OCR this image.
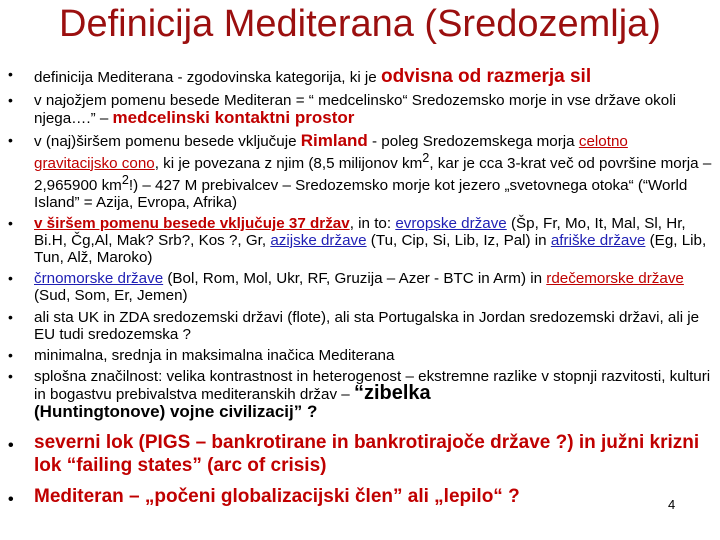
Definicija Mediterana (Sredozemlja)
• definicija Mediterana - zgodovinska kategorija, ki je odvisna od razmerja sil
• v najožjem pomenu besede Mediteran = “ medcelinsko“ Sredozemsko morje in vse države okoli njega….” – medcelinski kontaktni prostor
• v (naj)širšem pomenu besede vključuje Rimland - poleg Sredozemskega morja celotno gravitacijsko cono, ki je povezana z njim (8,5 milijonov $km^2$, kar je cca 3-krat več od površine morja – 2,965900 $km^2!) - 427$ M prebivalcev – Sredozemsko morje kot jezero „svetovnega otoka“ (“World Island” = Azija, Evropa, Afrika)
• v širšem pomenu besede vključuje 37 držav, in to: evropske države (Šp, Fr, Mo, It, Mal, Sl, Hr, Bi.H, Čg,Al, Mak? Srb?, Kos ?, Gr, azijske države (Tu, Cip, Si, Lib, Iz, Pal) in afriške države (Eg, Lib, Tun, Alž, Maroko)
• črnomorske države (Bol, Rom, Mol, Ukr, RF, Gruzija – Azer - BTC in Arm) in rdečemorske države (Sud, Som, Er, Jemen)
• ali sta UK in ZDA sredozemski državi (flote), ali sta Portugalska in Jordan sredozemski državi, ali je EU tudi sredozemska ?
• minimalna, srednja in maksimalna inačica Mediterana
• splošna značilnost: velika kontrastnost in heterogenost – ekstremne razlike v stopnji razvitosti, kulturi in bogastvu prebivalstva mediteranskih držav – “zibelka
(Huntingtonove) vojne civilizacij” ?
• severni lok (PIGS – bankrotirane in bankrotirajoče države ?) in južni krizni lok “failing states” (arc of crisis)
• Mediteran – „počeni globalizacijski člen” ali „lepilo“ ?	4
